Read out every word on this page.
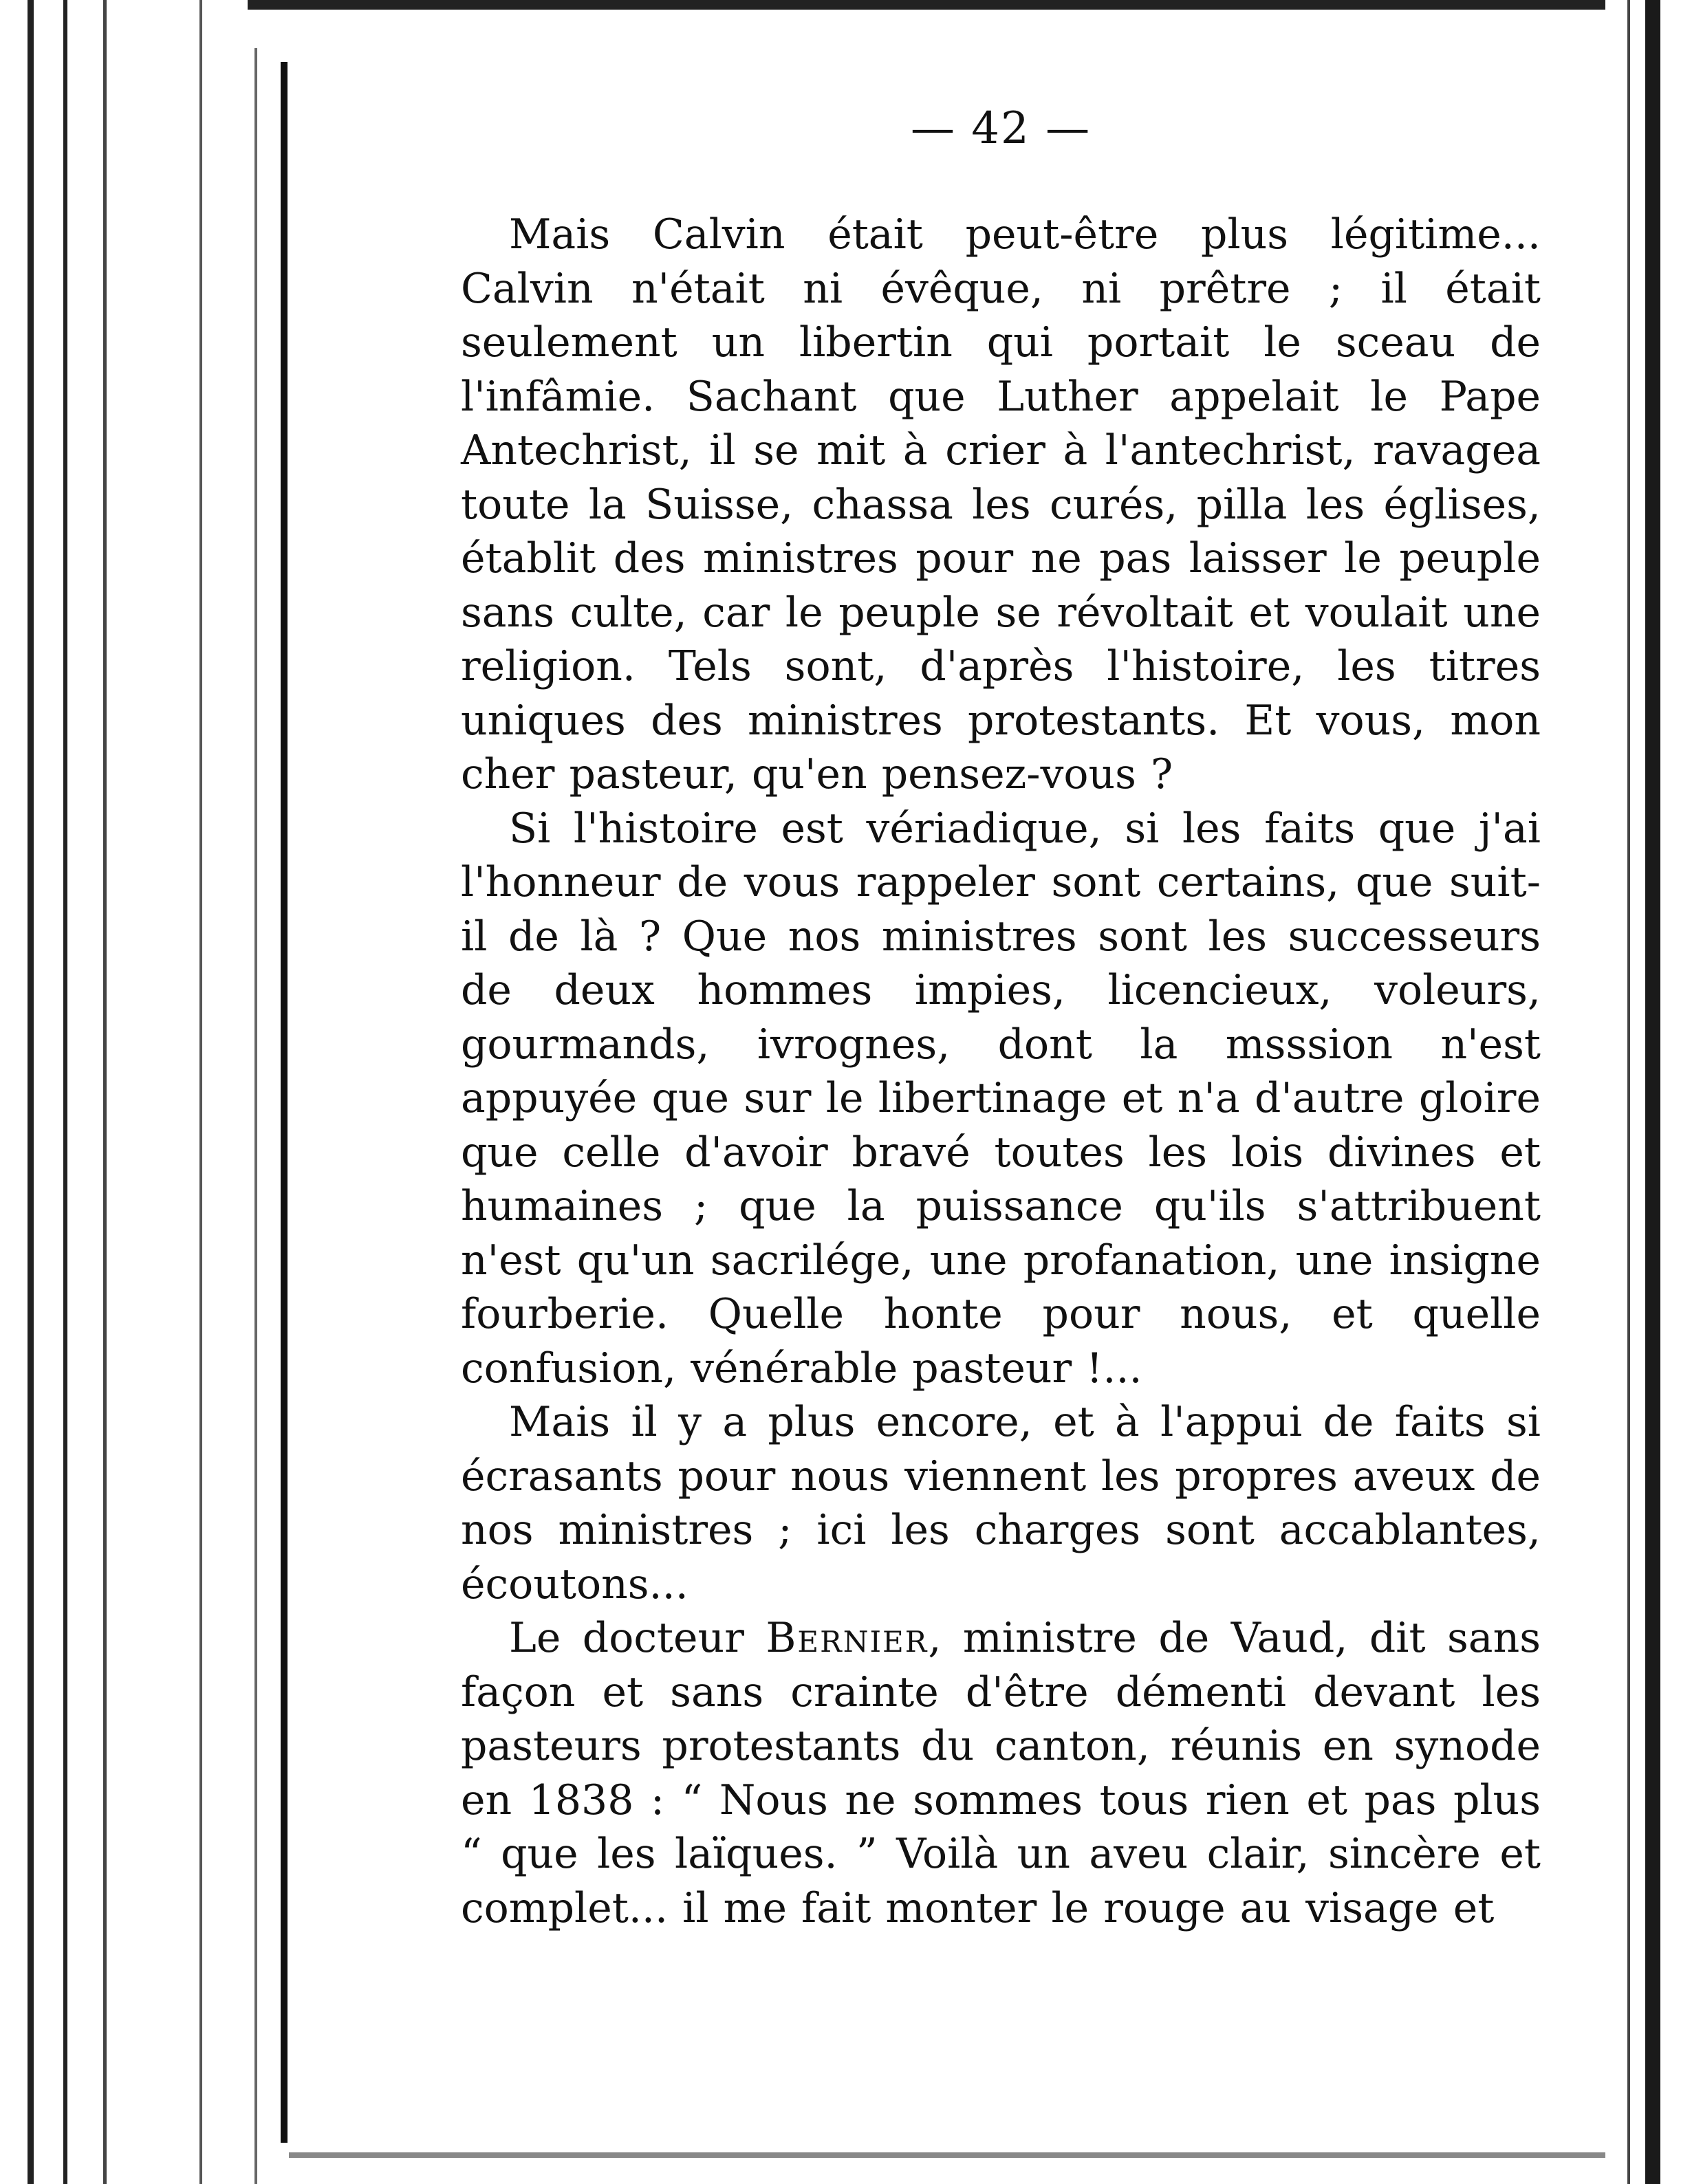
— 42 —

Mais Calvin était peut-être plus légitime... Calvin n'était ni évêque, ni prêtre ; il était seulement un libertin qui portait le sceau de l'infâmie. Sachant que Luther appelait le Pape Antechrist, il se mit à crier à l'antechrist, ravagea toute la Suisse, chassa les curés, pilla les églises, établit des ministres pour ne pas laisser le peuple sans culte, car le peuple se révoltait et voulait une religion. Tels sont, d'après l'histoire, les titres uniques des ministres protestants. Et vous, mon cher pasteur, qu'en pensez-vous ?

Si l'histoire est vériadique, si les faits que j'ai l'honneur de vous rappeler sont certains, que suit-il de là ? Que nos ministres sont les successeurs de deux hommes impies, licencieux, voleurs, gourmands, ivrognes, dont la msssion n'est appuyée que sur le libertinage et n'a d'autre gloire que celle d'avoir bravé toutes les lois divines et humaines ; que la puissance qu'ils s'attribuent n'est qu'un sacrilége, une profanation, une insigne fourberie. Quelle honte pour nous, et quelle confusion, vénérable pasteur !...

Mais il y a plus encore, et à l'appui de faits si écrasants pour nous viennent les propres aveux de nos ministres ; ici les charges sont accablantes, écoutons...

Le docteur Bernier, ministre de Vaud, dit sans façon et sans crainte d'être démenti devant les pasteurs protestants du canton, réunis en synode en 1838 : “ Nous ne sommes tous rien et pas plus “ que les laïques. ” Voilà un aveu clair, sincère et complet... il me fait monter le rouge au visage et
